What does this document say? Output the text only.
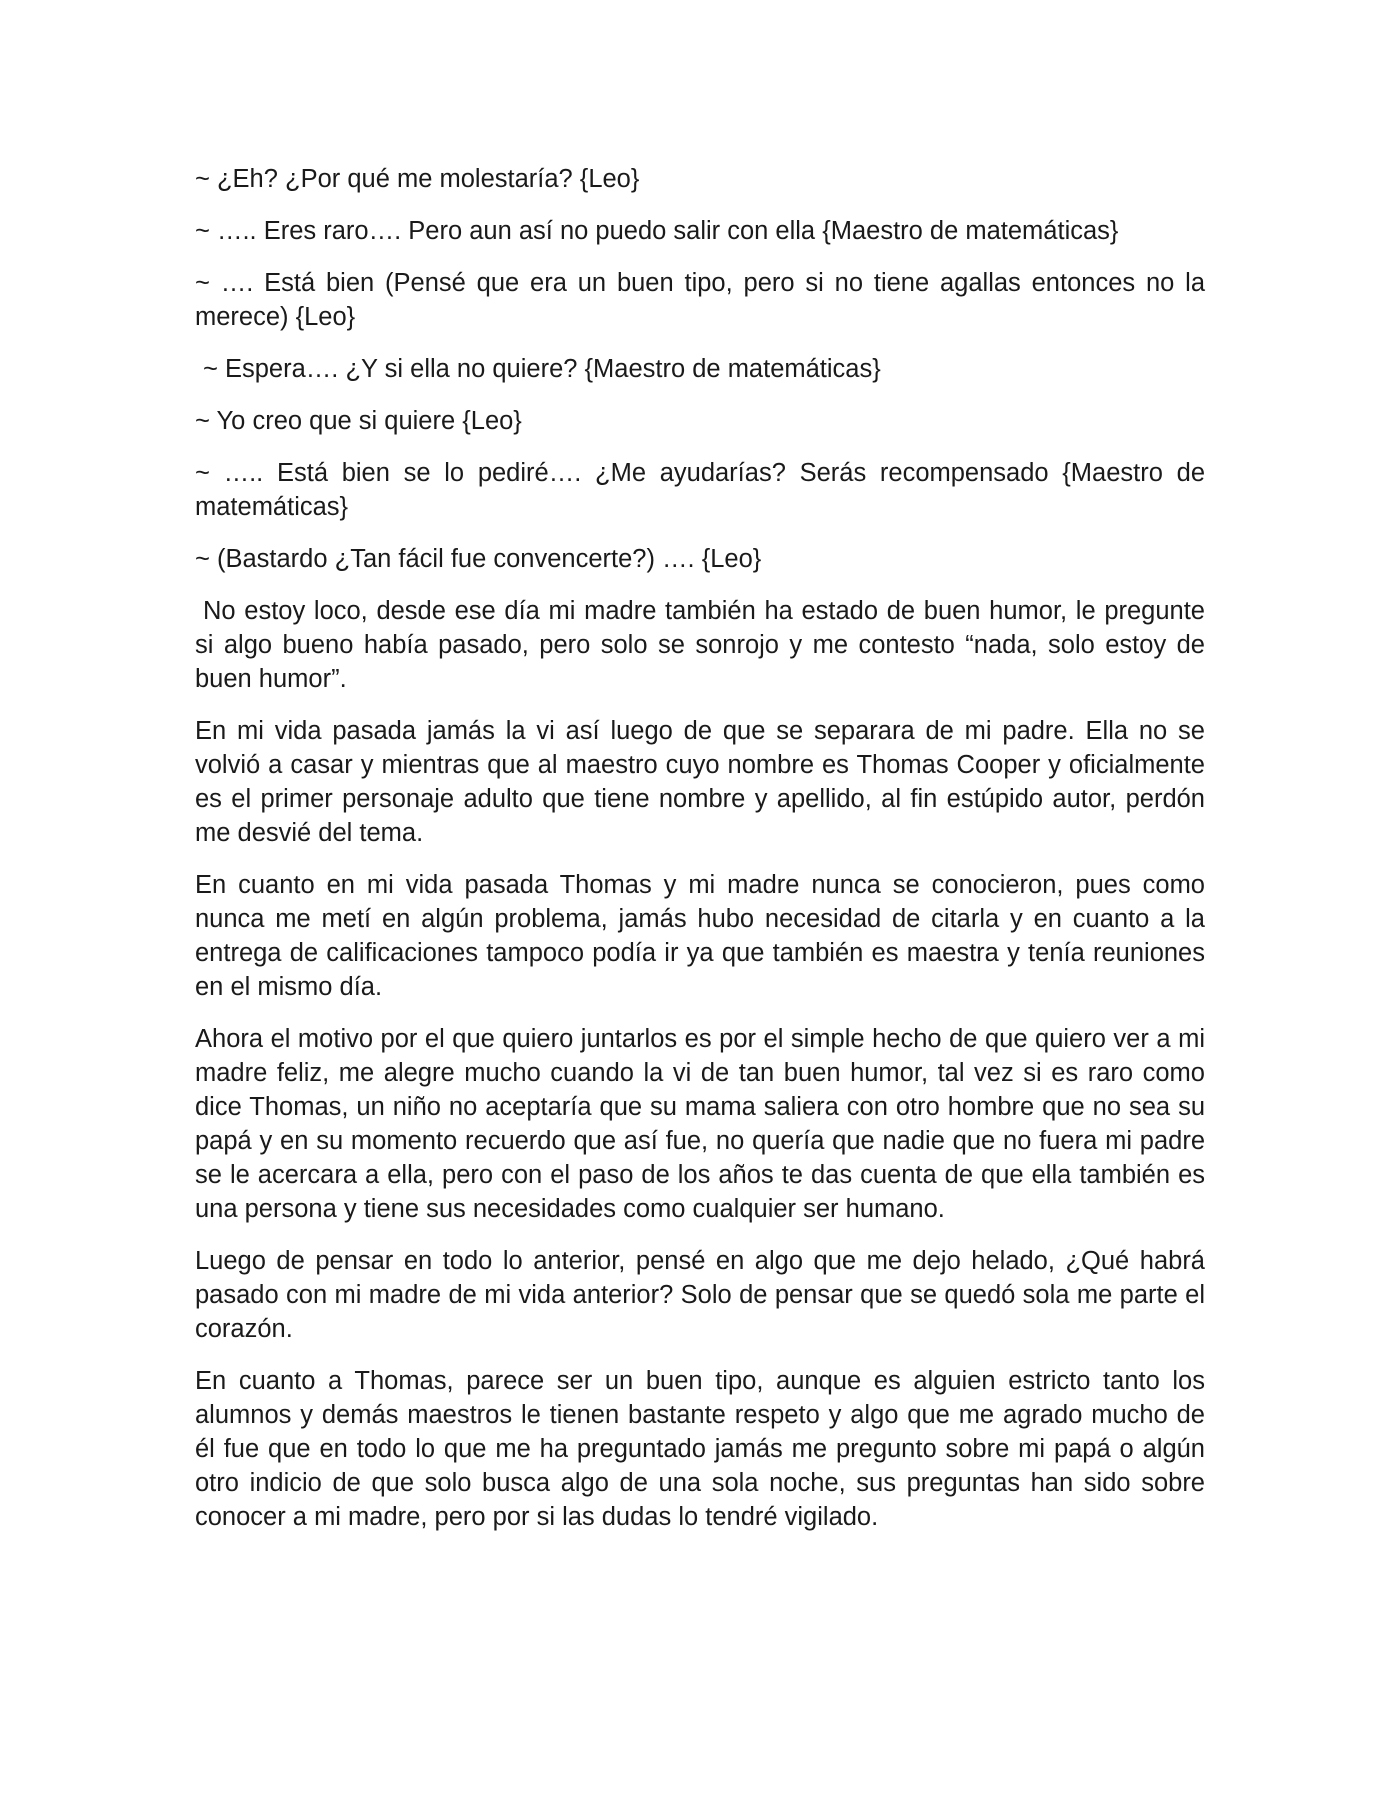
~ ¿Eh? ¿Por qué me molestaría? {Leo}

~ ….. Eres raro…. Pero aun así no puedo salir con ella {Maestro de matemáticas}

~ …. Está bien (Pensé que era un buen tipo, pero si no tiene agallas entonces no la merece) {Leo}

~ Espera…. ¿Y si ella no quiere? {Maestro de matemáticas}

~ Yo creo que si quiere {Leo}

~ ….. Está bien se lo pediré…. ¿Me ayudarías? Serás recompensado {Maestro de matemáticas}

~ (Bastardo ¿Tan fácil fue convencerte?) …. {Leo}

No estoy loco, desde ese día mi madre también ha estado de buen humor, le pregunte si algo bueno había pasado, pero solo se sonrojo y me contesto “nada, solo estoy de buen humor”.

En mi vida pasada jamás la vi así luego de que se separara de mi padre. Ella no se volvió a casar y mientras que al maestro cuyo nombre es Thomas Cooper y oficialmente es el primer personaje adulto que tiene nombre y apellido, al fin estúpido autor, perdón me desvié del tema.

En cuanto en mi vida pasada Thomas y mi madre nunca se conocieron, pues como nunca me metí en algún problema, jamás hubo necesidad de citarla y en cuanto a la entrega de calificaciones tampoco podía ir ya que también es maestra y tenía reuniones en el mismo día.

Ahora el motivo por el que quiero juntarlos es por el simple hecho de que quiero ver a mi madre feliz, me alegre mucho cuando la vi de tan buen humor, tal vez si es raro como dice Thomas, un niño no aceptaría que su mama saliera con otro hombre que no sea su papá y en su momento recuerdo que así fue, no quería que nadie que no fuera mi padre se le acercara a ella, pero con el paso de los años te das cuenta de que ella también es una persona y tiene sus necesidades como cualquier ser humano.

Luego de pensar en todo lo anterior, pensé en algo que me dejo helado, ¿Qué habrá pasado con mi madre de mi vida anterior? Solo de pensar que se quedó sola me parte el corazón.

En cuanto a Thomas, parece ser un buen tipo, aunque es alguien estricto tanto los alumnos y demás maestros le tienen bastante respeto y algo que me agrado mucho de él fue que en todo lo que me ha preguntado jamás me pregunto sobre mi papá o algún otro indicio de que solo busca algo de una sola noche, sus preguntas han sido sobre conocer a mi madre, pero por si las dudas lo tendré vigilado.
